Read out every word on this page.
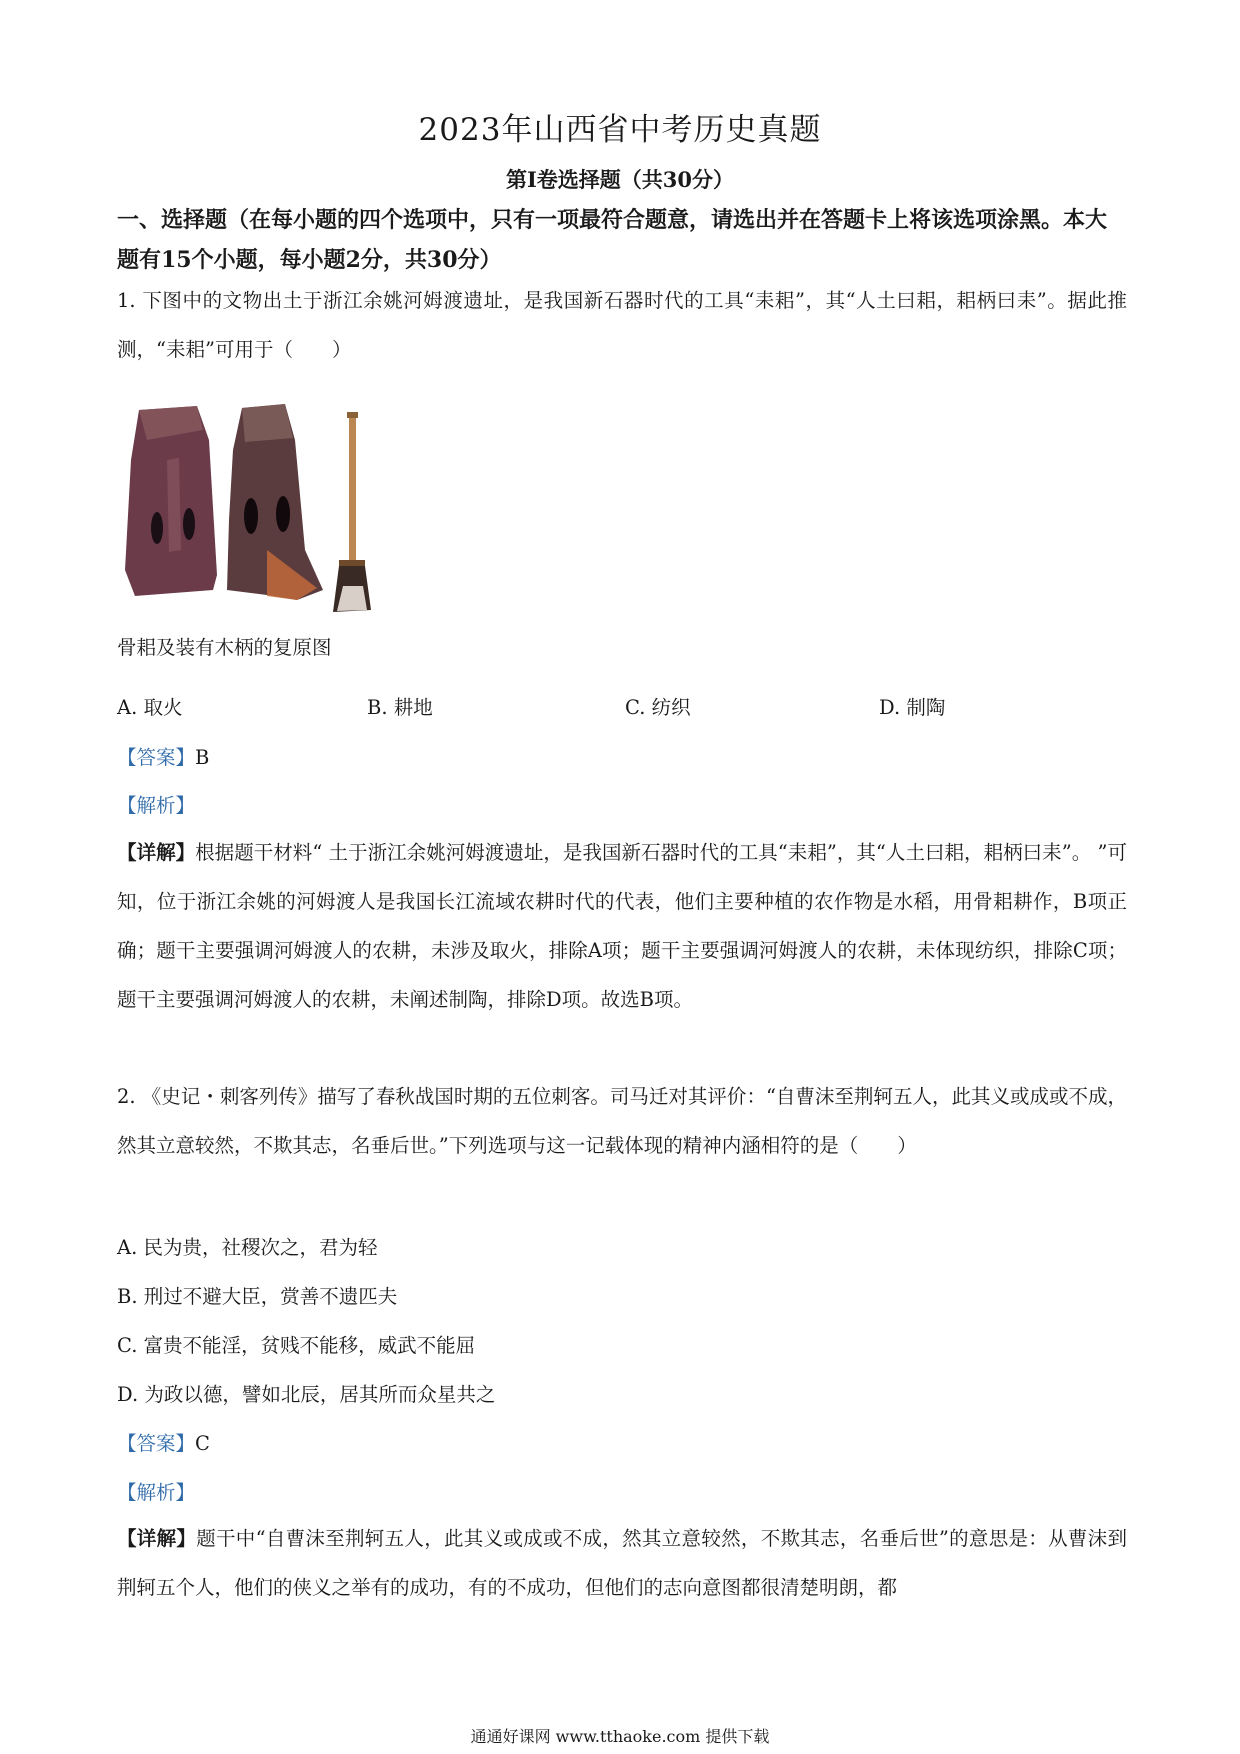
2023年山西省中考历史真题
第I卷选择题（共30分）
一、选择题（在每小题的四个选项中，只有一项最符合题意，请选出并在答题卡上将该选项涂黑。本大题有15个小题，每小题2分，共30分）
1. 下图中的文物出土于浙江余姚河姆渡遗址，是我国新石器时代的工具“耒耜”，其“人土曰耜，耜柄曰耒”。据此推测，“耒耜”可用于（　　）
骨耜及装有木柄的复原图
A. 取火	B. 耕地	C. 纺织	D. 制陶
【答案】B
【解析】
【详解】根据题干材料“ 土于浙江余姚河姆渡遗址，是我国新石器时代的工具“耒耜”，其“人土曰耜，耜柄曰耒”。 ”可知，位于浙江余姚的河姆渡人是我国长江流域农耕时代的代表，他们主要种植的农作物是水稻，用骨耜耕作，B项正确；题干主要强调河姆渡人的农耕，未涉及取火，排除A项；题干主要强调河姆渡人的农耕，未体现纺织，排除C项；题干主要强调河姆渡人的农耕，未阐述制陶，排除D项。故选B项。
2. 《史记・刺客列传》描写了春秋战国时期的五位刺客。司马迁对其评价：“自曹沫至荆轲五人，此其义或成或不成，然其立意较然，不欺其志，名垂后世。”下列选项与这一记载体现的精神内涵相符的是（　　）
A. 民为贵，社稷次之，君为轻
B. 刑过不避大臣，赏善不遗匹夫
C. 富贵不能淫，贫贱不能移，威武不能屈
D. 为政以德，譬如北辰，居其所而众星共之
【答案】C
【解析】
【详解】题干中“自曹沫至荆轲五人，此其义或成或不成，然其立意较然，不欺其志，名垂后世”的意思是：从曹沫到荆轲五个人，他们的侠义之举有的成功，有的不成功，但他们的志向意图都很清楚明朗，都
通通好课网 www.tthaoke.com 提供下载
